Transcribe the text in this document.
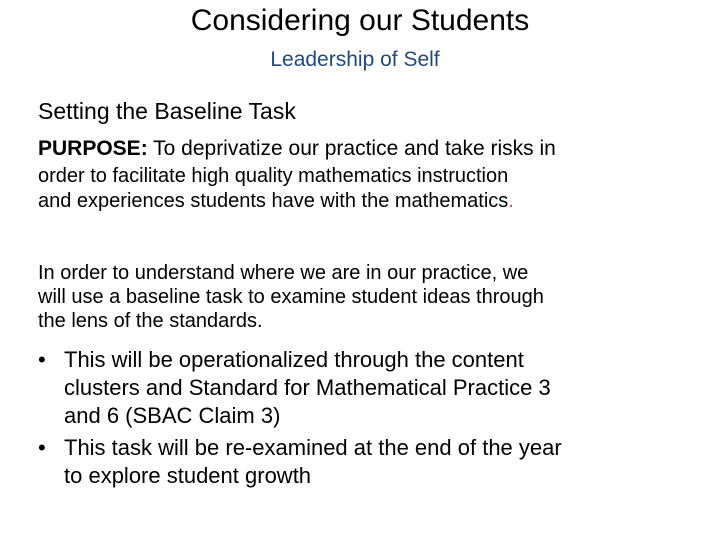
Considering our Students
Leadership of Self
Setting the Baseline Task
PURPOSE: To deprivatize our practice and take risks in
order to facilitate high quality mathematics instruction
and experiences students have with the mathematics.
In order to understand where we are in our practice, we
will use a baseline task to examine student ideas through
the lens of the standards.
• This will be operationalized through the content
clusters and Standard for Mathematical Practice 3
and 6 (SBAC Claim 3)
• This task will be re-examined at the end of the year
to explore student growth
